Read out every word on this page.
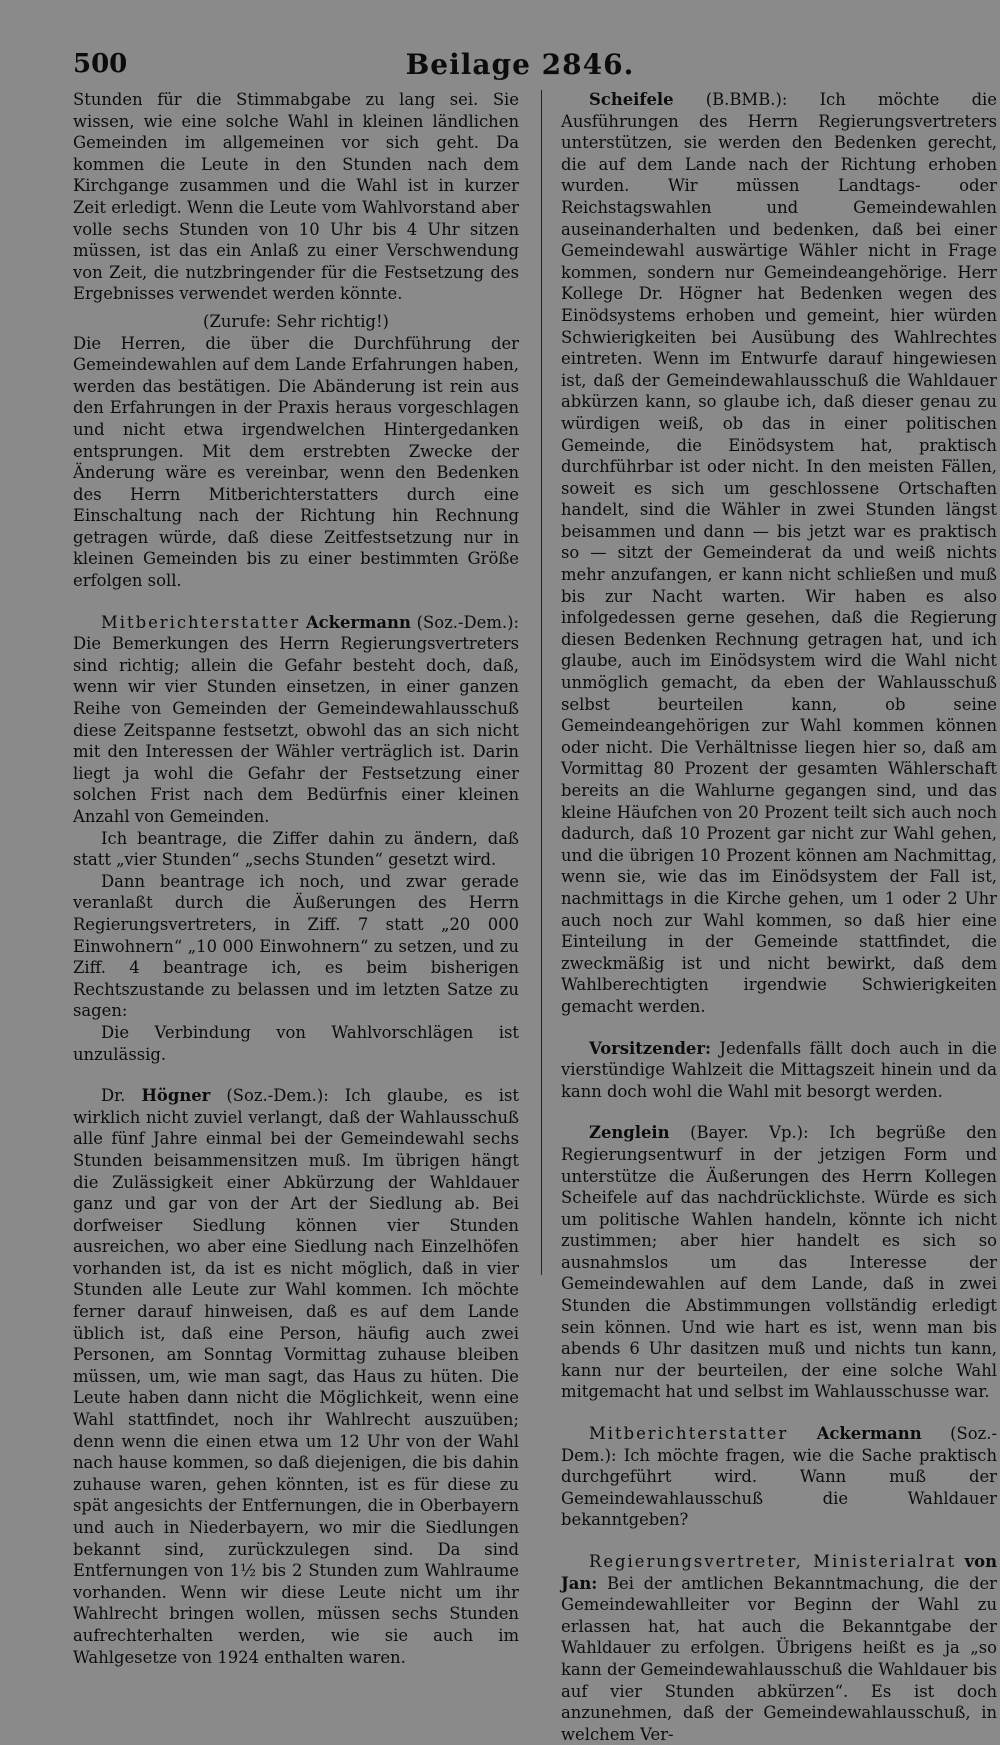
500	Beilage 2846.

Stunden für die Stimmabgabe zu lang sei. Sie wissen, wie eine solche Wahl in kleinen ländlichen Gemeinden im allgemeinen vor sich geht. Da kommen die Leute in den Stunden nach dem Kirchgange zusammen und die Wahl ist in kurzer Zeit erledigt. Wenn die Leute vom Wahlvorstand aber volle sechs Stunden von 10 Uhr bis 4 Uhr sitzen müssen, ist das ein Anlaß zu einer Verschwendung von Zeit, die nutzbringender für die Festsetzung des Ergebnisses verwendet werden könnte.

(Zurufe: Sehr richtig!)

Die Herren, die über die Durchführung der Gemeindewahlen auf dem Lande Erfahrungen haben, werden das bestätigen. Die Abänderung ist rein aus den Erfahrungen in der Praxis heraus vorgeschlagen und nicht etwa irgendwelchen Hintergedanken entsprungen. Mit dem erstrebten Zwecke der Änderung wäre es vereinbar, wenn den Bedenken des Herrn Mitberichterstatters durch eine Einschaltung nach der Richtung hin Rechnung getragen würde, daß diese Zeitfestsetzung nur in kleinen Gemeinden bis zu einer bestimmten Größe erfolgen soll.

Mitberichterstatter Ackermann (Soz.-Dem.): Die Bemerkungen des Herrn Regierungsvertreters sind richtig; allein die Gefahr besteht doch, daß, wenn wir vier Stunden einsetzen, in einer ganzen Reihe von Gemeinden der Gemeindewahlausschuß diese Zeitspanne festsetzt, obwohl das an sich nicht mit den Interessen der Wähler verträglich ist. Darin liegt ja wohl die Gefahr der Festsetzung einer solchen Frist nach dem Bedürfnis einer kleinen Anzahl von Gemeinden.

Ich beantrage, die Ziffer dahin zu ändern, daß statt „vier Stunden“ „sechs Stunden“ gesetzt wird.

Dann beantrage ich noch, und zwar gerade veranlaßt durch die Äußerungen des Herrn Regierungsvertreters, in Ziff. 7 statt „20 000 Einwohnern“ „10 000 Einwohnern“ zu setzen, und zu Ziff. 4 beantrage ich, es beim bisherigen Rechtszustande zu belassen und im letzten Satze zu sagen:

Die Verbindung von Wahlvorschlägen ist unzulässig.

Dr. Högner (Soz.-Dem.): Ich glaube, es ist wirklich nicht zuviel verlangt, daß der Wahlausschuß alle fünf Jahre einmal bei der Gemeindewahl sechs Stunden beisammensitzen muß. Im übrigen hängt die Zulässigkeit einer Abkürzung der Wahldauer ganz und gar von der Art der Siedlung ab. Bei dorfweiser Siedlung können vier Stunden ausreichen, wo aber eine Siedlung nach Einzelhöfen vorhanden ist, da ist es nicht möglich, daß in vier Stunden alle Leute zur Wahl kommen. Ich möchte ferner darauf hinweisen, daß es auf dem Lande üblich ist, daß eine Person, häufig auch zwei Personen, am Sonntag Vormittag zuhause bleiben müssen, um, wie man sagt, das Haus zu hüten. Die Leute haben dann nicht die Möglichkeit, wenn eine Wahl stattfindet, noch ihr Wahlrecht auszuüben; denn wenn die einen etwa um 12 Uhr von der Wahl nach hause kommen, so daß diejenigen, die bis dahin zuhause waren, gehen könnten, ist es für diese zu spät angesichts der Entfernungen, die in Oberbayern und auch in Niederbayern, wo mir die Siedlungen bekannt sind, zurückzulegen sind. Da sind Entfernungen von 1½ bis 2 Stunden zum Wahlraume vorhanden. Wenn wir diese Leute nicht um ihr Wahlrecht bringen wollen, müssen sechs Stunden aufrechterhalten werden, wie sie auch im Wahlgesetze von 1924 enthalten waren.

Scheifele (B.BMB.): Ich möchte die Ausführungen des Herrn Regierungsvertreters unterstützen, sie werden den Bedenken gerecht, die auf dem Lande nach der Richtung erhoben wurden. Wir müssen Landtags- oder Reichstagswahlen und Gemeindewahlen auseinanderhalten und bedenken, daß bei einer Gemeindewahl auswärtige Wähler nicht in Frage kommen, sondern nur Gemeindeangehörige. Herr Kollege Dr. Högner hat Bedenken wegen des Einödsystems erhoben und gemeint, hier würden Schwierigkeiten bei Ausübung des Wahlrechtes eintreten. Wenn im Entwurfe darauf hingewiesen ist, daß der Gemeindewahlausschuß die Wahldauer abkürzen kann, so glaube ich, daß dieser genau zu würdigen weiß, ob das in einer politischen Gemeinde, die Einödsystem hat, praktisch durchführbar ist oder nicht. In den meisten Fällen, soweit es sich um geschlossene Ortschaften handelt, sind die Wähler in zwei Stunden längst beisammen und dann — bis jetzt war es praktisch so — sitzt der Gemeinderat da und weiß nichts mehr anzufangen, er kann nicht schließen und muß bis zur Nacht warten. Wir haben es also infolgedessen gerne gesehen, daß die Regierung diesen Bedenken Rechnung getragen hat, und ich glaube, auch im Einödsystem wird die Wahl nicht unmöglich gemacht, da eben der Wahlausschuß selbst beurteilen kann, ob seine Gemeindeangehörigen zur Wahl kommen können oder nicht. Die Verhältnisse liegen hier so, daß am Vormittag 80 Prozent der gesamten Wählerschaft bereits an die Wahlurne gegangen sind, und das kleine Häufchen von 20 Prozent teilt sich auch noch dadurch, daß 10 Prozent gar nicht zur Wahl gehen, und die übrigen 10 Prozent können am Nachmittag, wenn sie, wie das im Einödsystem der Fall ist, nachmittags in die Kirche gehen, um 1 oder 2 Uhr auch noch zur Wahl kommen, so daß hier eine Einteilung in der Gemeinde stattfindet, die zweckmäßig ist und nicht bewirkt, daß dem Wahlberechtigten irgendwie Schwierigkeiten gemacht werden.

Vorsitzender: Jedenfalls fällt doch auch in die vierstündige Wahlzeit die Mittagszeit hinein und da kann doch wohl die Wahl mit besorgt werden.

Zenglein (Bayer. Vp.): Ich begrüße den Regierungsentwurf in der jetzigen Form und unterstütze die Äußerungen des Herrn Kollegen Scheifele auf das nachdrücklichste. Würde es sich um politische Wahlen handeln, könnte ich nicht zustimmen; aber hier handelt es sich so ausnahmslos um das Interesse der Gemeindewahlen auf dem Lande, daß in zwei Stunden die Abstimmungen vollständig erledigt sein können. Und wie hart es ist, wenn man bis abends 6 Uhr dasitzen muß und nichts tun kann, kann nur der beurteilen, der eine solche Wahl mitgemacht hat und selbst im Wahlausschusse war.

Mitberichterstatter Ackermann (Soz.-Dem.): Ich möchte fragen, wie die Sache praktisch durchgeführt wird. Wann muß der Gemeindewahlausschuß die Wahldauer bekanntgeben?

Regierungsvertreter, Ministerialrat von Jan: Bei der amtlichen Bekanntmachung, die der Gemeindewahlleiter vor Beginn der Wahl zu erlassen hat, hat auch die Bekanntgabe der Wahldauer zu erfolgen. Übrigens heißt es ja „so kann der Gemeindewahlausschuß die Wahldauer bis auf vier Stunden abkürzen“. Es ist doch anzunehmen, daß der Gemeindewahlausschuß, in welchem Ver-
